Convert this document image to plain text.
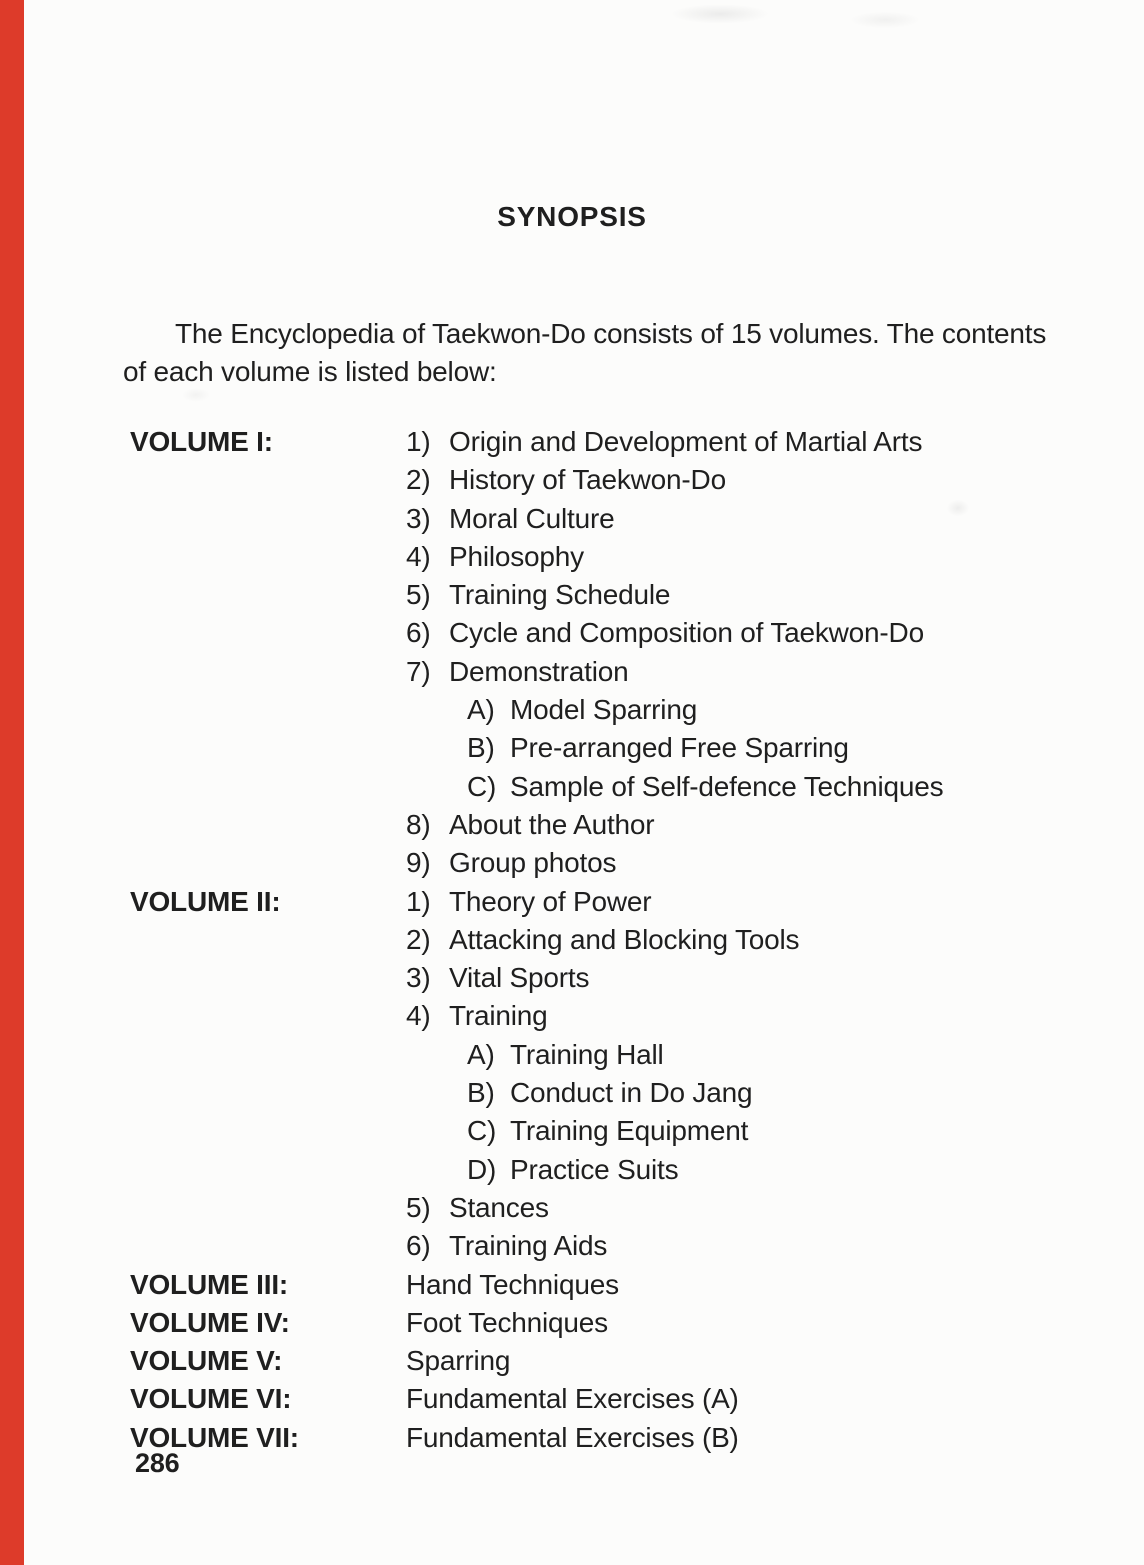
SYNOPSIS
The Encyclopedia of Taekwon-Do consists of 15 volumes. The contents
of each volume is listed below:
VOLUME I:	1) Origin and Development of Martial Arts
2) History of Taekwon-Do
3) Moral Culture
4) Philosophy
5) Training Schedule
6) Cycle and Composition of Taekwon-Do
7) Demonstration
A) Model Sparring
B) Pre-arranged Free Sparring
C) Sample of Self-defence Techniques
8) About the Author
9) Group photos
VOLUME II:	1) Theory of Power
2) Attacking and Blocking Tools
3) Vital Sports
4) Training
A) Training Hall
B) Conduct in Do Jang
C) Training Equipment
D) Practice Suits
5) Stances
6) Training Aids
VOLUME III:	Hand Techniques
VOLUME IV:	Foot Techniques
VOLUME V:	Sparring
VOLUME VI:	Fundamental Exercises (A)
VOLUME VII:	Fundamental Exercises (B)
286
